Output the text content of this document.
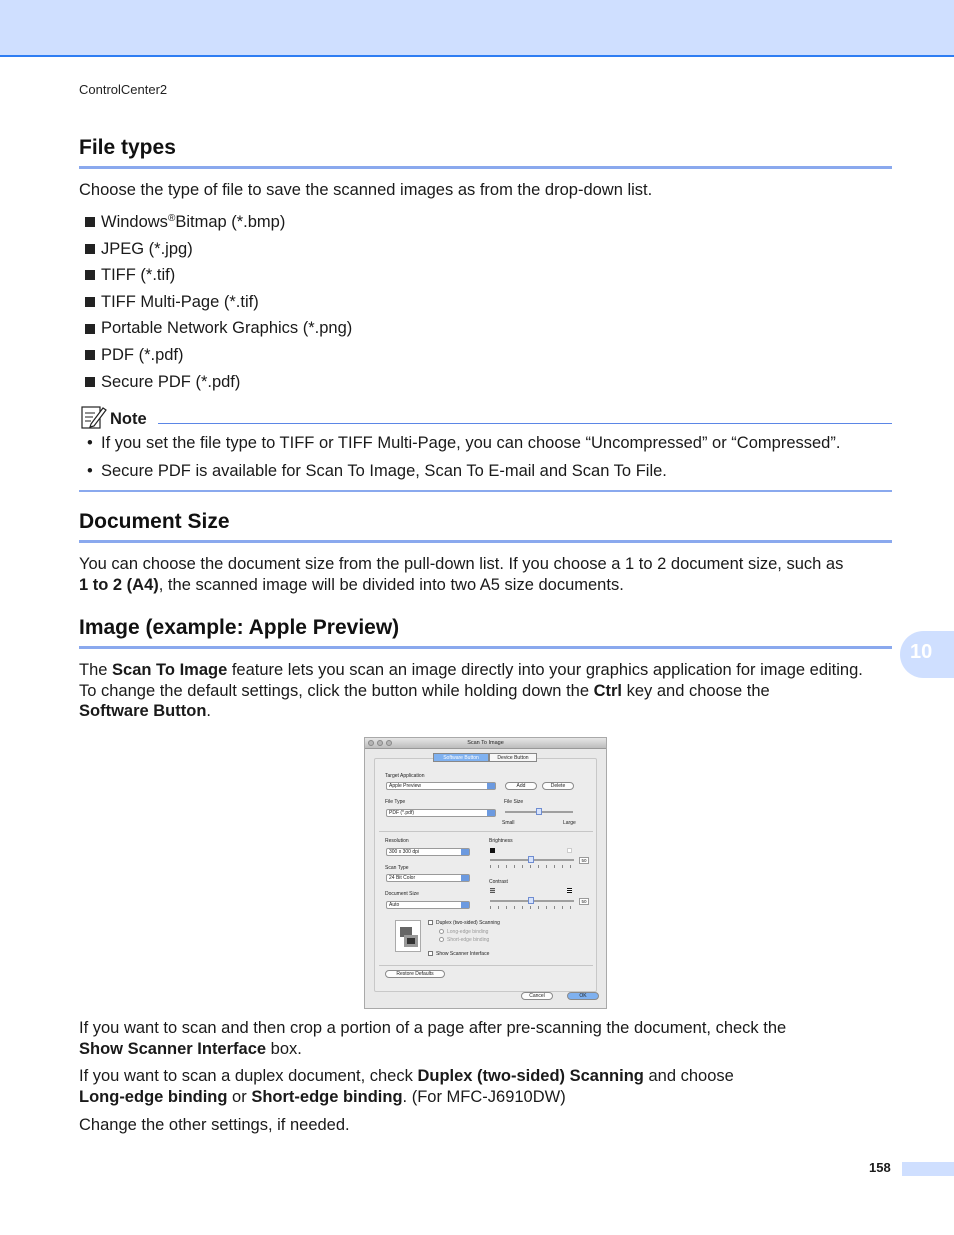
ControlCenter2
File types
Choose the type of file to save the scanned images as from the drop-down list.
Windows® Bitmap (*.bmp)
JPEG (*.jpg)
TIFF (*.tif)
TIFF Multi-Page (*.tif)
Portable Network Graphics (*.png)
PDF (*.pdf)
Secure PDF (*.pdf)
Note
• If you set the file type to TIFF or TIFF Multi-Page, you can choose “Uncompressed” or “Compressed”.
• Secure PDF is available for Scan To Image, Scan To E-mail and Scan To File.
Document Size
You can choose the document size from the pull-down list. If you choose a 1 to 2 document size, such as
1 to 2 (A4), the scanned image will be divided into two A5 size documents.
Image (example: Apple Preview)
The Scan To Image feature lets you scan an image directly into your graphics application for image editing.
To change the default settings, click the button while holding down the Ctrl key and choose the
Software Button.
10
Scan To Image
Software Button	Device Button
Target Application
Apple Preview	Add	Delete
File Type
PDF (*.pdf)
File Size
Small	Large
Resolution
300 x 300 dpi
Scan Type
24 Bit Color
Document Size
Auto
Brightness
50
Contrast
50
Duplex (two-sided) Scanning
Long-edge binding
Short-edge binding
Show Scanner Interface
Restore Defaults
Cancel	OK
If you want to scan and then crop a portion of a page after pre-scanning the document, check the
Show Scanner Interface box.
If you want to scan a duplex document, check Duplex (two-sided) Scanning and choose
Long-edge binding or Short-edge binding. (For MFC-J6910DW)
Change the other settings, if needed.
158
